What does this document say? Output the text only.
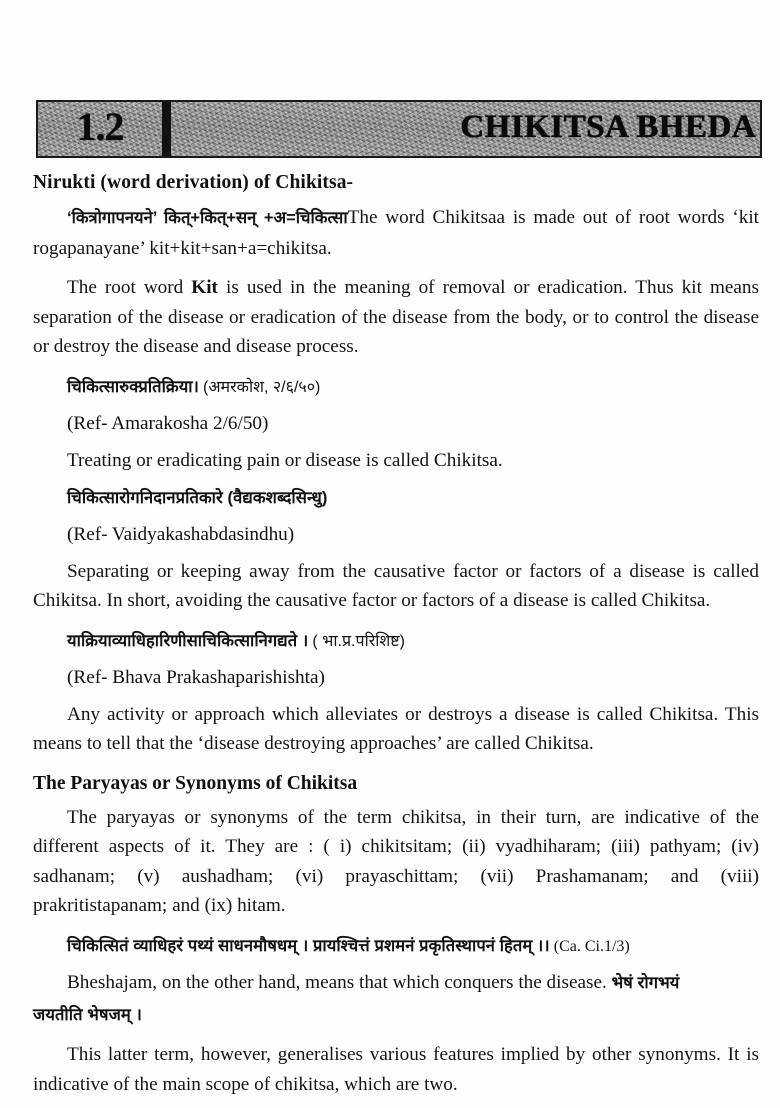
1.2	CHIKITSA BHEDA
Nirukti (word derivation) of Chikitsa-

‘कित्रोगापनयने’ कित्+कित्+सन् +अ=चिकित्साThe word Chikitsaa is made out of root words ‘kit rogapanayane’ kit+kit+san+a=chikitsa.

The root word Kit is used in the meaning of removal or eradication. Thus kit means separation of the disease or eradication of the disease from the body, or to control the disease or destroy the disease and disease process.

चिकित्सारुक्प्रतिक्रिया। (अमरकोश, २/६/५०)
(Ref- Amarakosha 2/6/50)
Treating or eradicating pain or disease is called Chikitsa.
चिकित्सारोगनिदानप्रतिकारे (वैद्यकशब्दसिन्धु)
(Ref- Vaidyakashabdasindhu)

Separating or keeping away from the causative factor or factors of a disease is called Chikitsa. In short, avoiding the causative factor or factors of a disease is called Chikitsa.

याक्रियाव्याधिहारिणीसाचिकित्सानिगद्यते । ( भा.प्र.परिशिष्ट)
(Ref- Bhava Prakashaparishishta)

Any activity or approach which alleviates or destroys a disease is called Chikitsa. This means to tell that the ‘disease destroying approaches’ are called Chikitsa.

The Paryayas or Synonyms of Chikitsa

The paryayas or synonyms of the term chikitsa, in their turn, are indicative of the different aspects of it. They are : ( i) chikitsitam; (ii) vyadhiharam; (iii) pathyam; (iv) sadhanam; (v) aushadham; (vi) prayaschittam; (vii) Prashamanam; and (viii) prakritistapanam; and (ix) hitam.

चिकित्सितं व्याधिहरं पथ्यं साधनमौषधम् । प्रायश्चित्तं प्रशमनं प्रकृतिस्थापनं हितम् ।। (Ca. Ci.1/3)

Bheshajam, on the other hand, means that which conquers the disease. भेषं रोगभयं

जयतीति भेषजम् ।

This latter term, however, generalises various features implied by other synonyms. It is indicative of the main scope of chikitsa, which are two.
